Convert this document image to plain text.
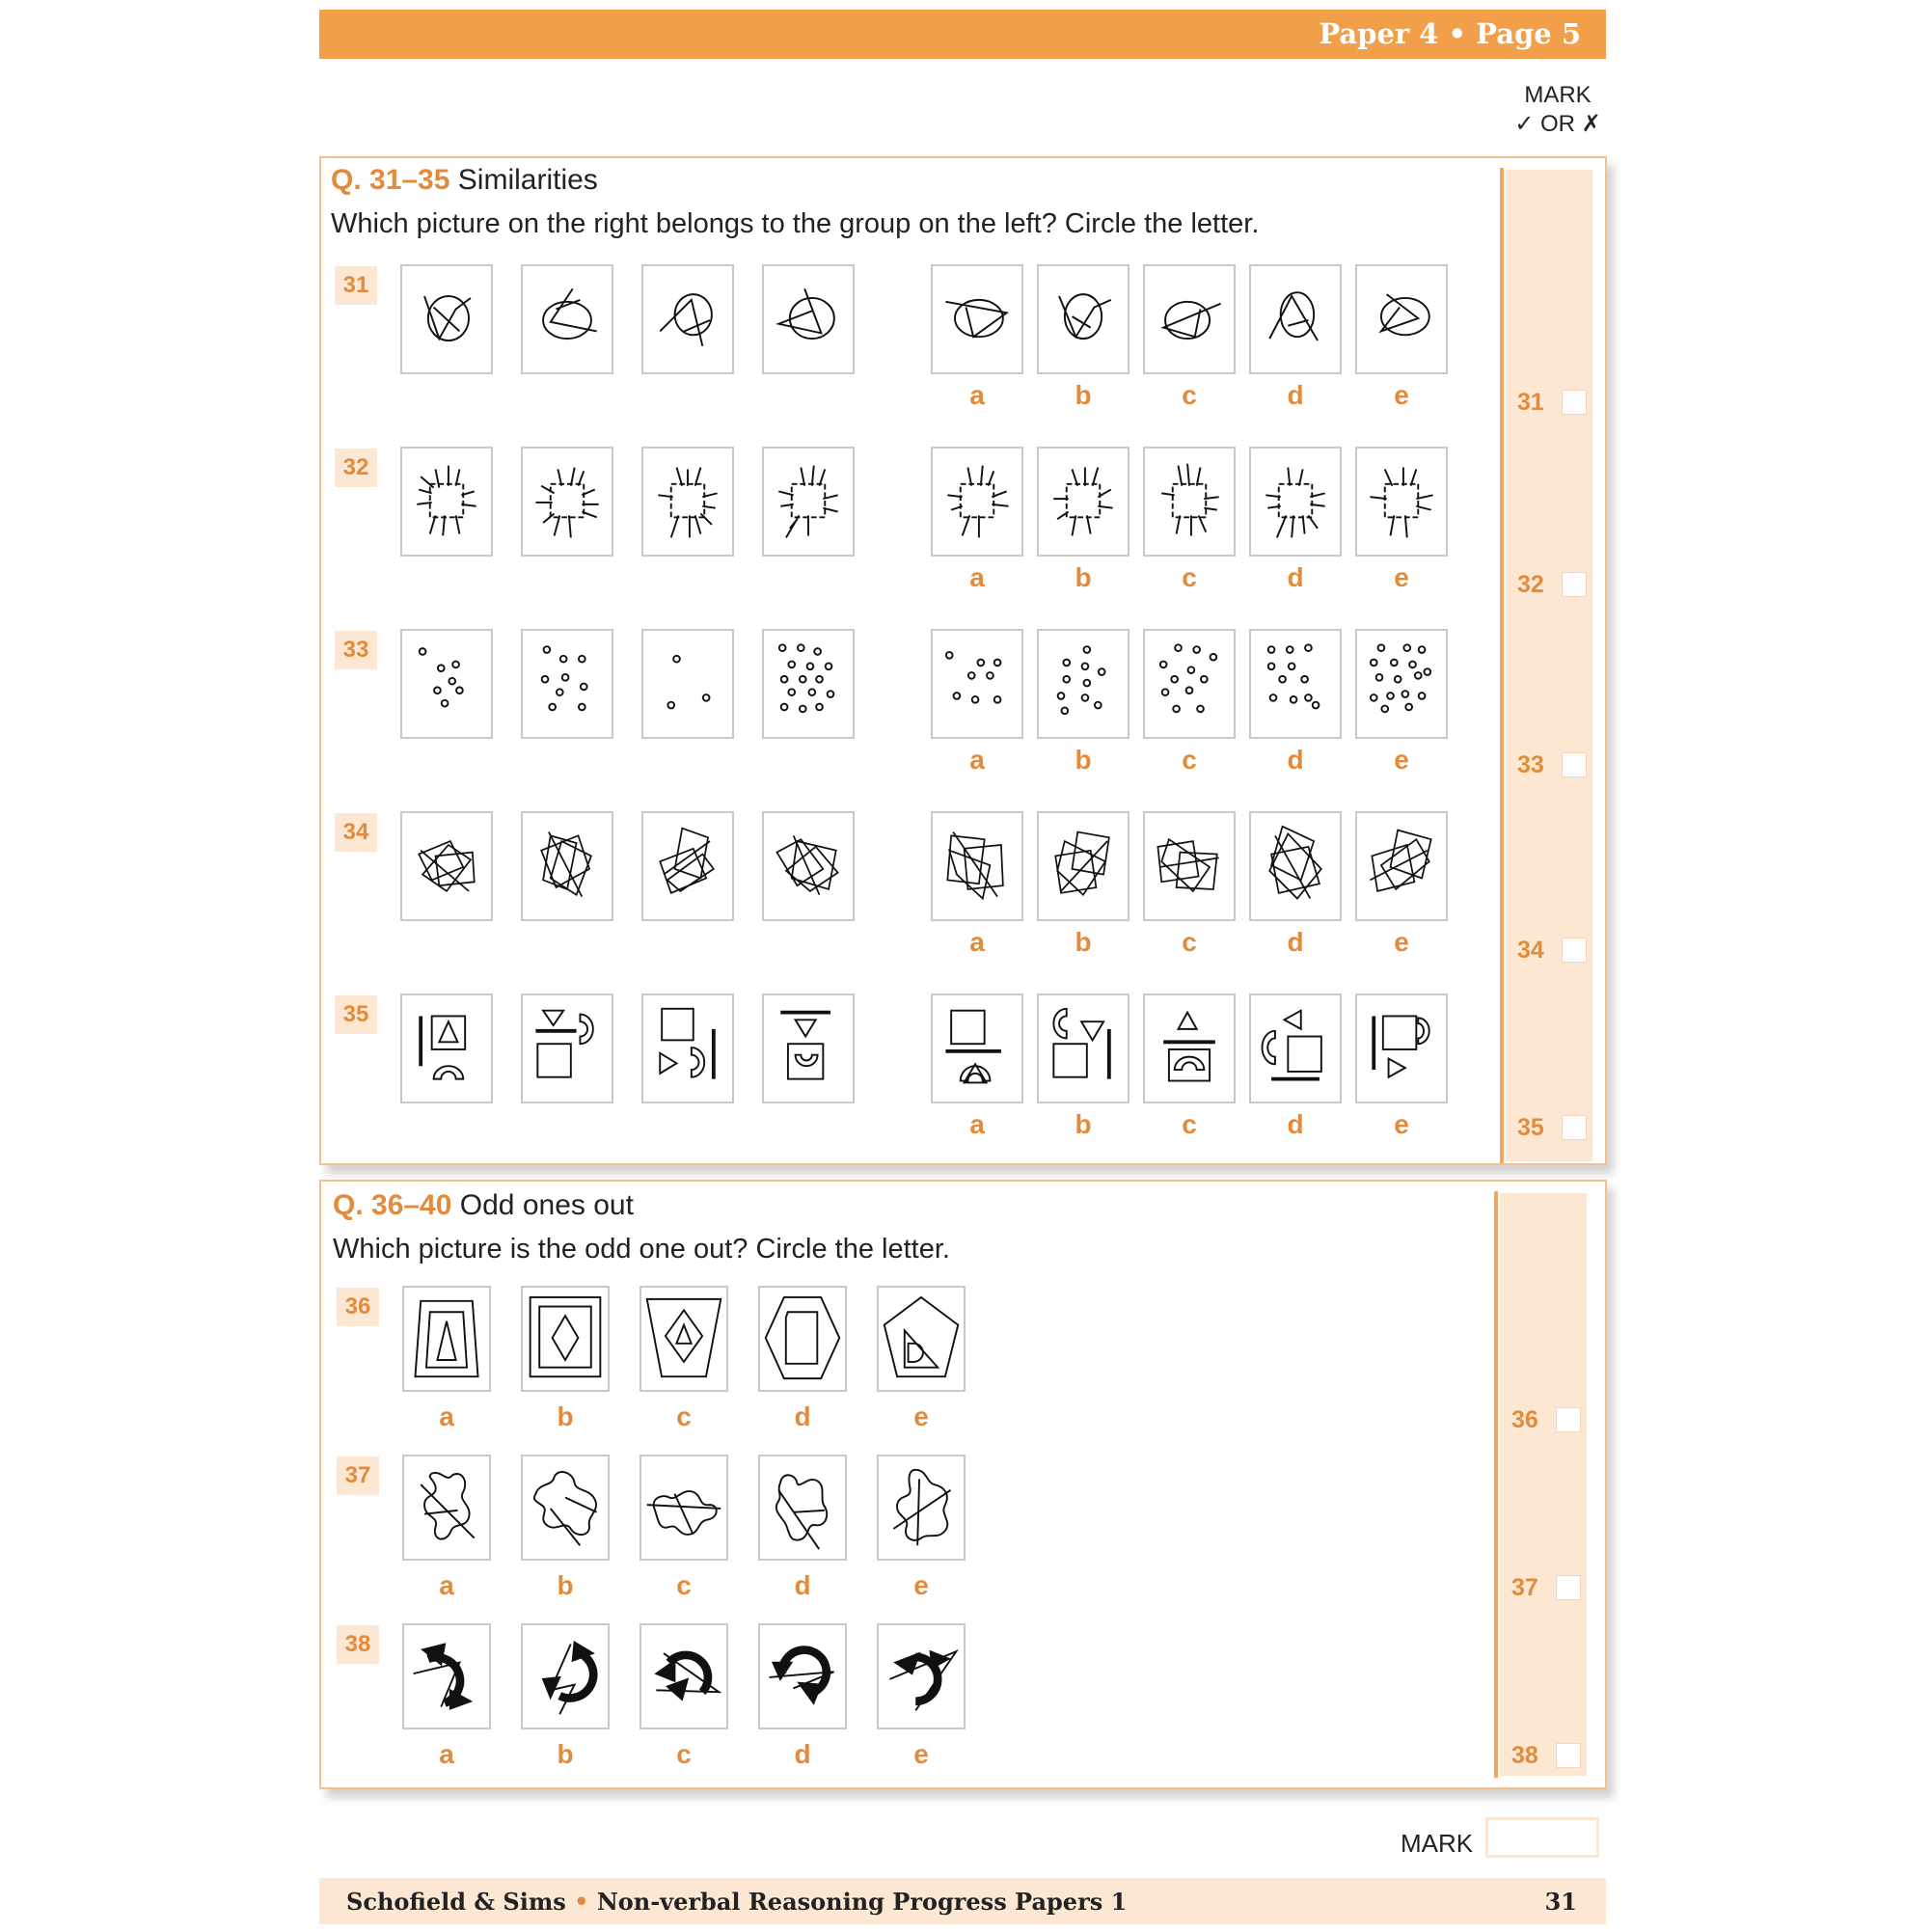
Paper 4 • Page 5
MARK
✓ OR ✗
Q. 31–35 Similarities
Which picture on the right belongs to the group on the left? Circle the letter.
31
32
33
34
35
31
a	b	c	d	e
32
a	b	c	d	e
33
a	b	c	d	e
34
a	b	c	d	e
35
a	b	c	d	e
Q. 36–40 Odd ones out
Which picture is the odd one out? Circle the letter.
36
37
38
36
a	b	c	d	e
37
a	b	c	d	e
38
a	b	c	d	e
MARK
Schofield & Sims • Non-verbal Reasoning Progress Papers 1	31
